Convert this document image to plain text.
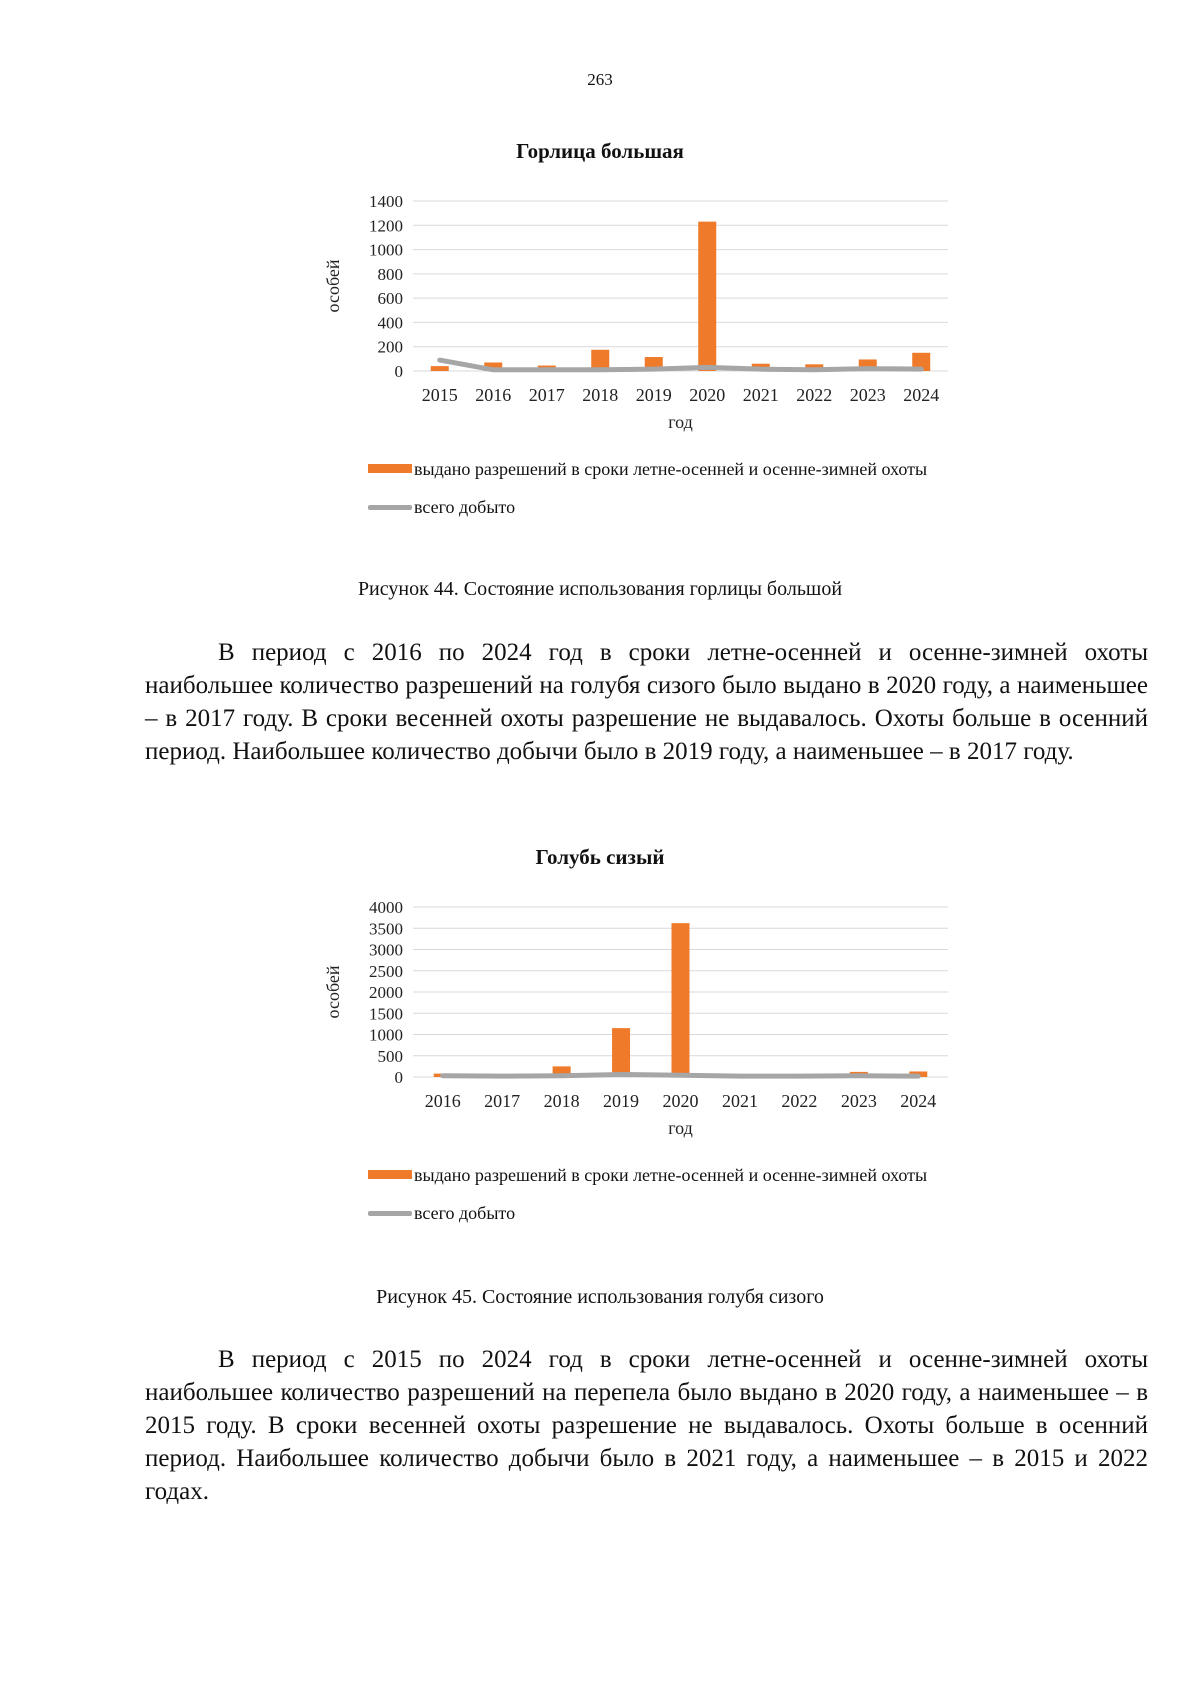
263
Горлица большая
0
200
400
600
800
1000
1200
1400
особей
2015 2016 2017 2018 2019 2020 2021 2022 2023 2024
год
выдано разрешений в сроки летне-осенней и осенне-зимней охоты
всего добыто
Рисунок 44. Состояние использования горлицы большой
В период с 2016 по 2024 год в сроки летне-осенней и осенне-зимней охоты наибольшее количество разрешений на голубя сизого было выдано в 2020 году, а наименьшее – в 2017 году. В сроки весенней охоты разрешение не выдавалось. Охоты больше в осенний период. Наибольшее количество добычи было в 2019 году, а наименьшее – в 2017 году.
Голубь сизый
0
500
1000
1500
2000
2500
3000
3500
4000
особей
2016 2017 2018 2019 2020 2021 2022 2023 2024
год
выдано разрешений в сроки летне-осенней и осенне-зимней охоты
всего добыто
Рисунок 45. Состояние использования голубя сизого
В период с 2015 по 2024 год в сроки летне-осенней и осенне-зимней охоты наибольшее количество разрешений на перепела было выдано в 2020 году, а наименьшее – в 2015 году. В сроки весенней охоты разрешение не выдавалось. Охоты больше в осенний период. Наибольшее количество добычи было в 2021 году, а наименьшее – в 2015 и 2022 годах.
